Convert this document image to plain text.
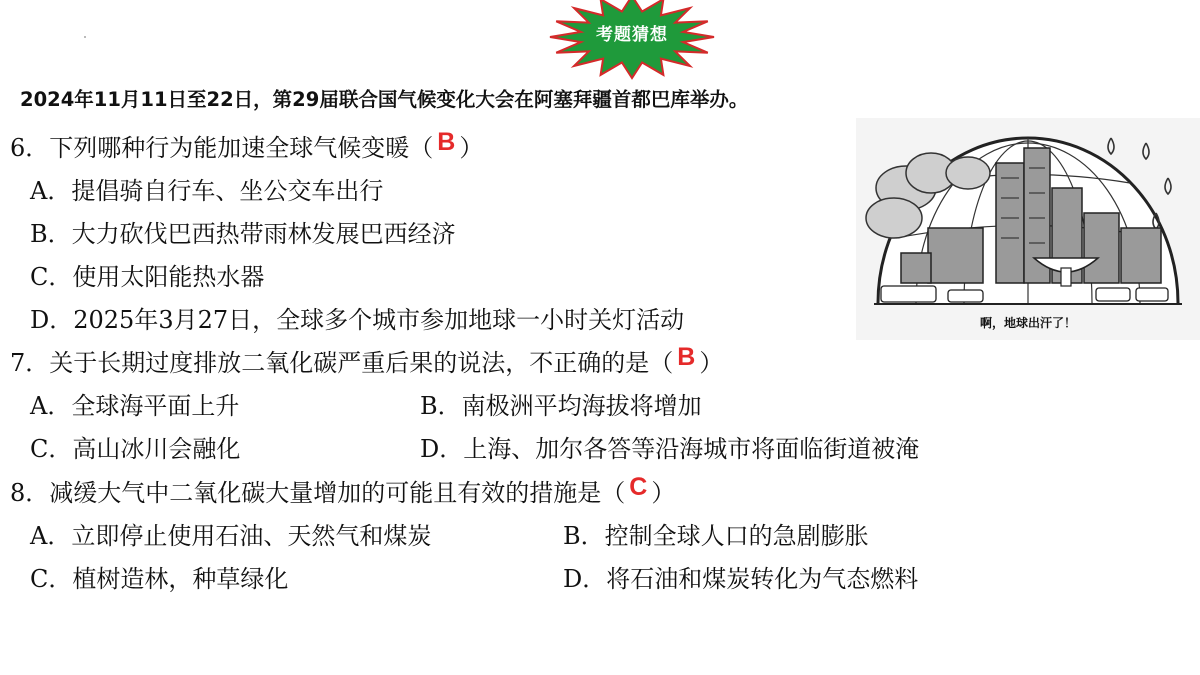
考题猜想
2024年11月11日至22日，第29届联合国气候变化大会在阿塞拜疆首都巴库举办。
6．下列哪种行为能加速全球气候变暖（ B ）
A．提倡骑自行车、坐公交车出行
B．大力砍伐巴西热带雨林发展巴西经济
C．使用太阳能热水器
D．2025年3月27日，全球多个城市参加地球一小时关灯活动
7．关于长期过度排放二氧化碳严重后果的说法，不正确的是（ B ）
A．全球海平面上升	B．南极洲平均海拔将增加
C．高山冰川会融化	D．上海、加尔各答等沿海城市将面临街道被淹
8．减缓大气中二氧化碳大量增加的可能且有效的措施是（ C ）
A．立即停止使用石油、天然气和煤炭	B．控制全球人口的急剧膨胀
C．植树造林，种草绿化	D．将石油和煤炭转化为气态燃料
啊，地球出汗了！
